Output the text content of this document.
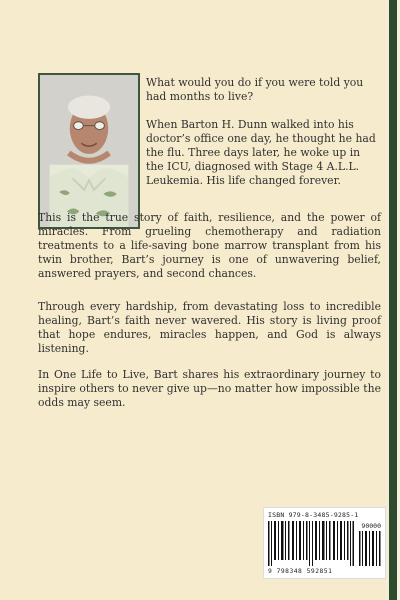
What would you do if you were told you had months to live?

When Barton H. Dunn walked into his doctor’s office one day, he thought he had the flu. Three days later, he woke up in the ICU, diagnosed with Stage 4 A.L.L. Leukemia. His life changed forever.

This is the true story of faith, resilience, and the power of miracles. From grueling chemotherapy and radiation treatments to a life-saving bone marrow transplant from his twin brother, Bart’s journey is one of unwavering belief, answered prayers, and second chances.

Through every hardship, from devastating loss to incredible healing, Bart’s faith never wavered. His story is living proof that hope endures, miracles happen, and God is always listening.

In One Life to Live, Bart shares his extraordinary journey to inspire others to never give up—no matter how impossible the odds may seem.

ISBN 979-8-3485-9285-1
90000
9 798348 592851
